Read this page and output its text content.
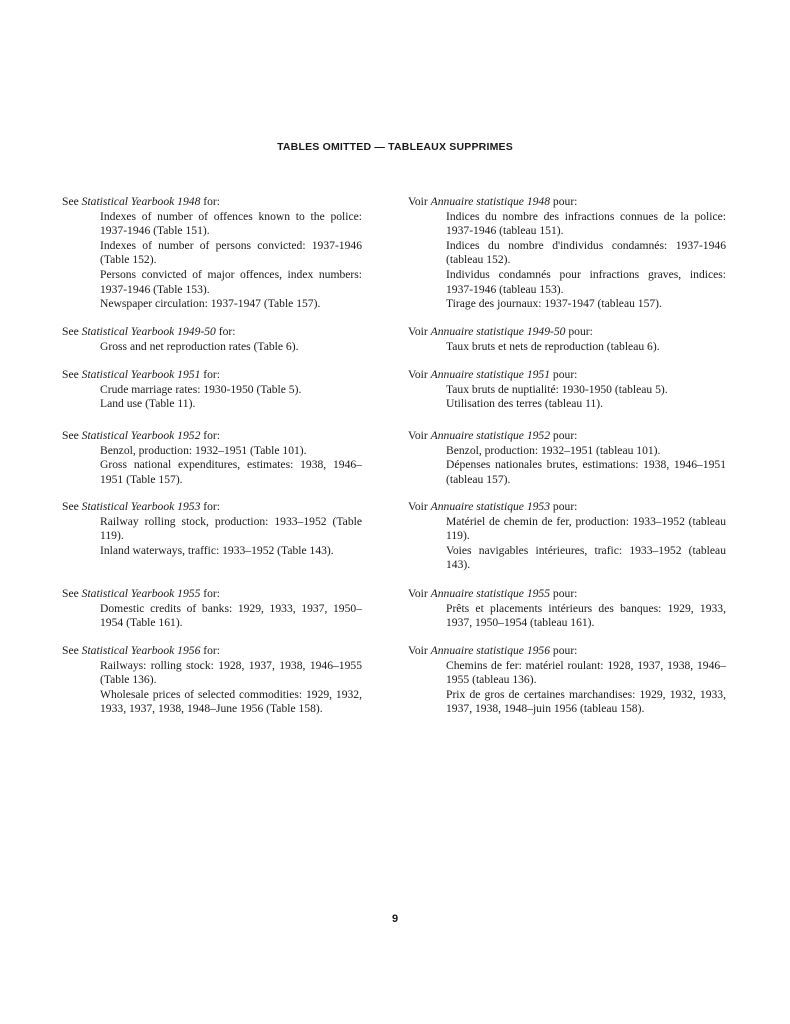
TABLES OMITTED — TABLEAUX SUPPRIMES

See Statistical Yearbook 1948 for:

Indexes of number of offences known to the police: 1937-1946 (Table 151).

Indexes of number of persons convicted: 1937-1946 (Table 152).

Persons convicted of major offences, index numbers: 1937-1946 (Table 153).

Newspaper circulation: 1937-1947 (Table 157).

See Statistical Yearbook 1949-50 for:

Gross and net reproduction rates (Table 6).

See Statistical Yearbook 1951 for:

Crude marriage rates: 1930-1950 (Table 5).

Land use (Table 11).

See Statistical Yearbook 1952 for:

Benzol, production: 1932–1951 (Table 101).

Gross national expenditures, estimates: 1938, 1946–1951 (Table 157).

See Statistical Yearbook 1953 for:

Railway rolling stock, production: 1933–1952 (Table 119).

Inland waterways, traffic: 1933–1952 (Table 143).

See Statistical Yearbook 1955 for:

Domestic credits of banks: 1929, 1933, 1937, 1950–1954 (Table 161).

See Statistical Yearbook 1956 for:

Railways: rolling stock: 1928, 1937, 1938, 1946–1955 (Table 136).

Wholesale prices of selected commodities: 1929, 1932, 1933, 1937, 1938, 1948–June 1956 (Table 158).

Voir Annuaire statistique 1948 pour:

Indices du nombre des infractions connues de la police: 1937-1946 (tableau 151).

Indices du nombre d'individus condamnés: 1937-1946 (tableau 152).

Individus condamnés pour infractions graves, indices: 1937-1946 (tableau 153).

Tirage des journaux: 1937-1947 (tableau 157).

Voir Annuaire statistique 1949-50 pour:

Taux bruts et nets de reproduction (tableau 6).

Voir Annuaire statistique 1951 pour:

Taux bruts de nuptialité: 1930-1950 (tableau 5).

Utilisation des terres (tableau 11).

Voir Annuaire statistique 1952 pour:

Benzol, production: 1932–1951 (tableau 101).

Dépenses nationales brutes, estimations: 1938, 1946–1951 (tableau 157).

Voir Annuaire statistique 1953 pour:

Matériel de chemin de fer, production: 1933–1952 (tableau 119).

Voies navigables intérieures, trafic: 1933–1952 (tableau 143).

Voir Annuaire statistique 1955 pour:

Prêts et placements intérieurs des banques: 1929, 1933, 1937, 1950–1954 (tableau 161).

Voir Annuaire statistique 1956 pour:

Chemins de fer: matériel roulant: 1928, 1937, 1938, 1946–1955 (tableau 136).

Prix de gros de certaines marchandises: 1929, 1932, 1933, 1937, 1938, 1948–juin 1956 (tableau 158).

9
